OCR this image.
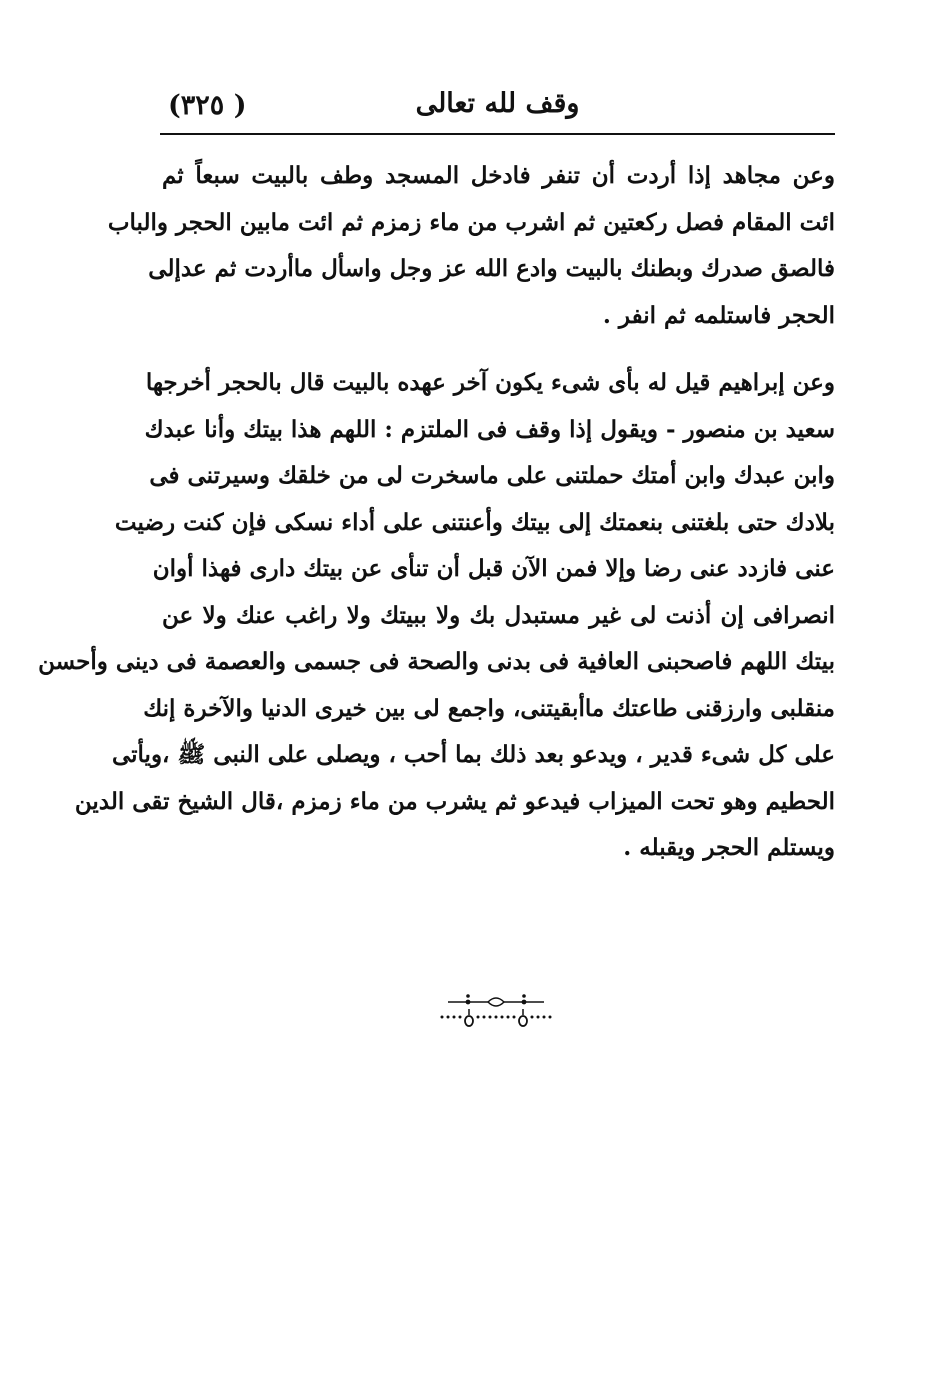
( ٣٢٥)	وقف لله تعالى
وعن مجاهد إذا أردت أن تنفر فادخل المسجد وطف بالبيت سبعاً ثم
ائت المقام فصل ركعتين ثم اشرب من ماء زمزم ثم ائت مابين الحجر والباب
فالصق صدرك وبطنك بالبيت وادع الله عز وجل واسأل ماأردت ثم عدإلى
الحجر فاستلمه ثم انفر .
وعن إبراهيم قيل له بأى شىء يكون آخر عهده بالبيت قال بالحجر أخرجها
سعيد بن منصور - ويقول إذا وقف فى الملتزم : اللهم هذا بيتك وأنا عبدك
وابن عبدك وابن أمتك حملتنى على ماسخرت لى من خلقك وسيرتنى فى
بلادك حتى بلغتنى بنعمتك إلى بيتك وأعنتنى على أداء نسكى فإن كنت رضيت
عنى فازدد عنى رضا وإلا فمن الآن قبل أن تنأى عن بيتك دارى فهذا أوان
انصرافى إن أذنت لى غير مستبدل بك ولا ببيتك ولا راغب عنك ولا عن
بيتك اللهم فاصحبنى العافية فى بدنى والصحة فى جسمى والعصمة فى دينى وأحسن
منقلبى وارزقنى طاعتك ماأبقيتنى، واجمع لى بين خيرى الدنيا والآخرة إنك
على كل شىء قدير ، ويدعو بعد ذلك بما أحب ، ويصلى على النبى ﷺ ،ويأتى
الحطيم وهو تحت الميزاب فيدعو ثم يشرب من ماء زمزم ،قال الشيخ تقى الدين
ويستلم الحجر ويقبله .
